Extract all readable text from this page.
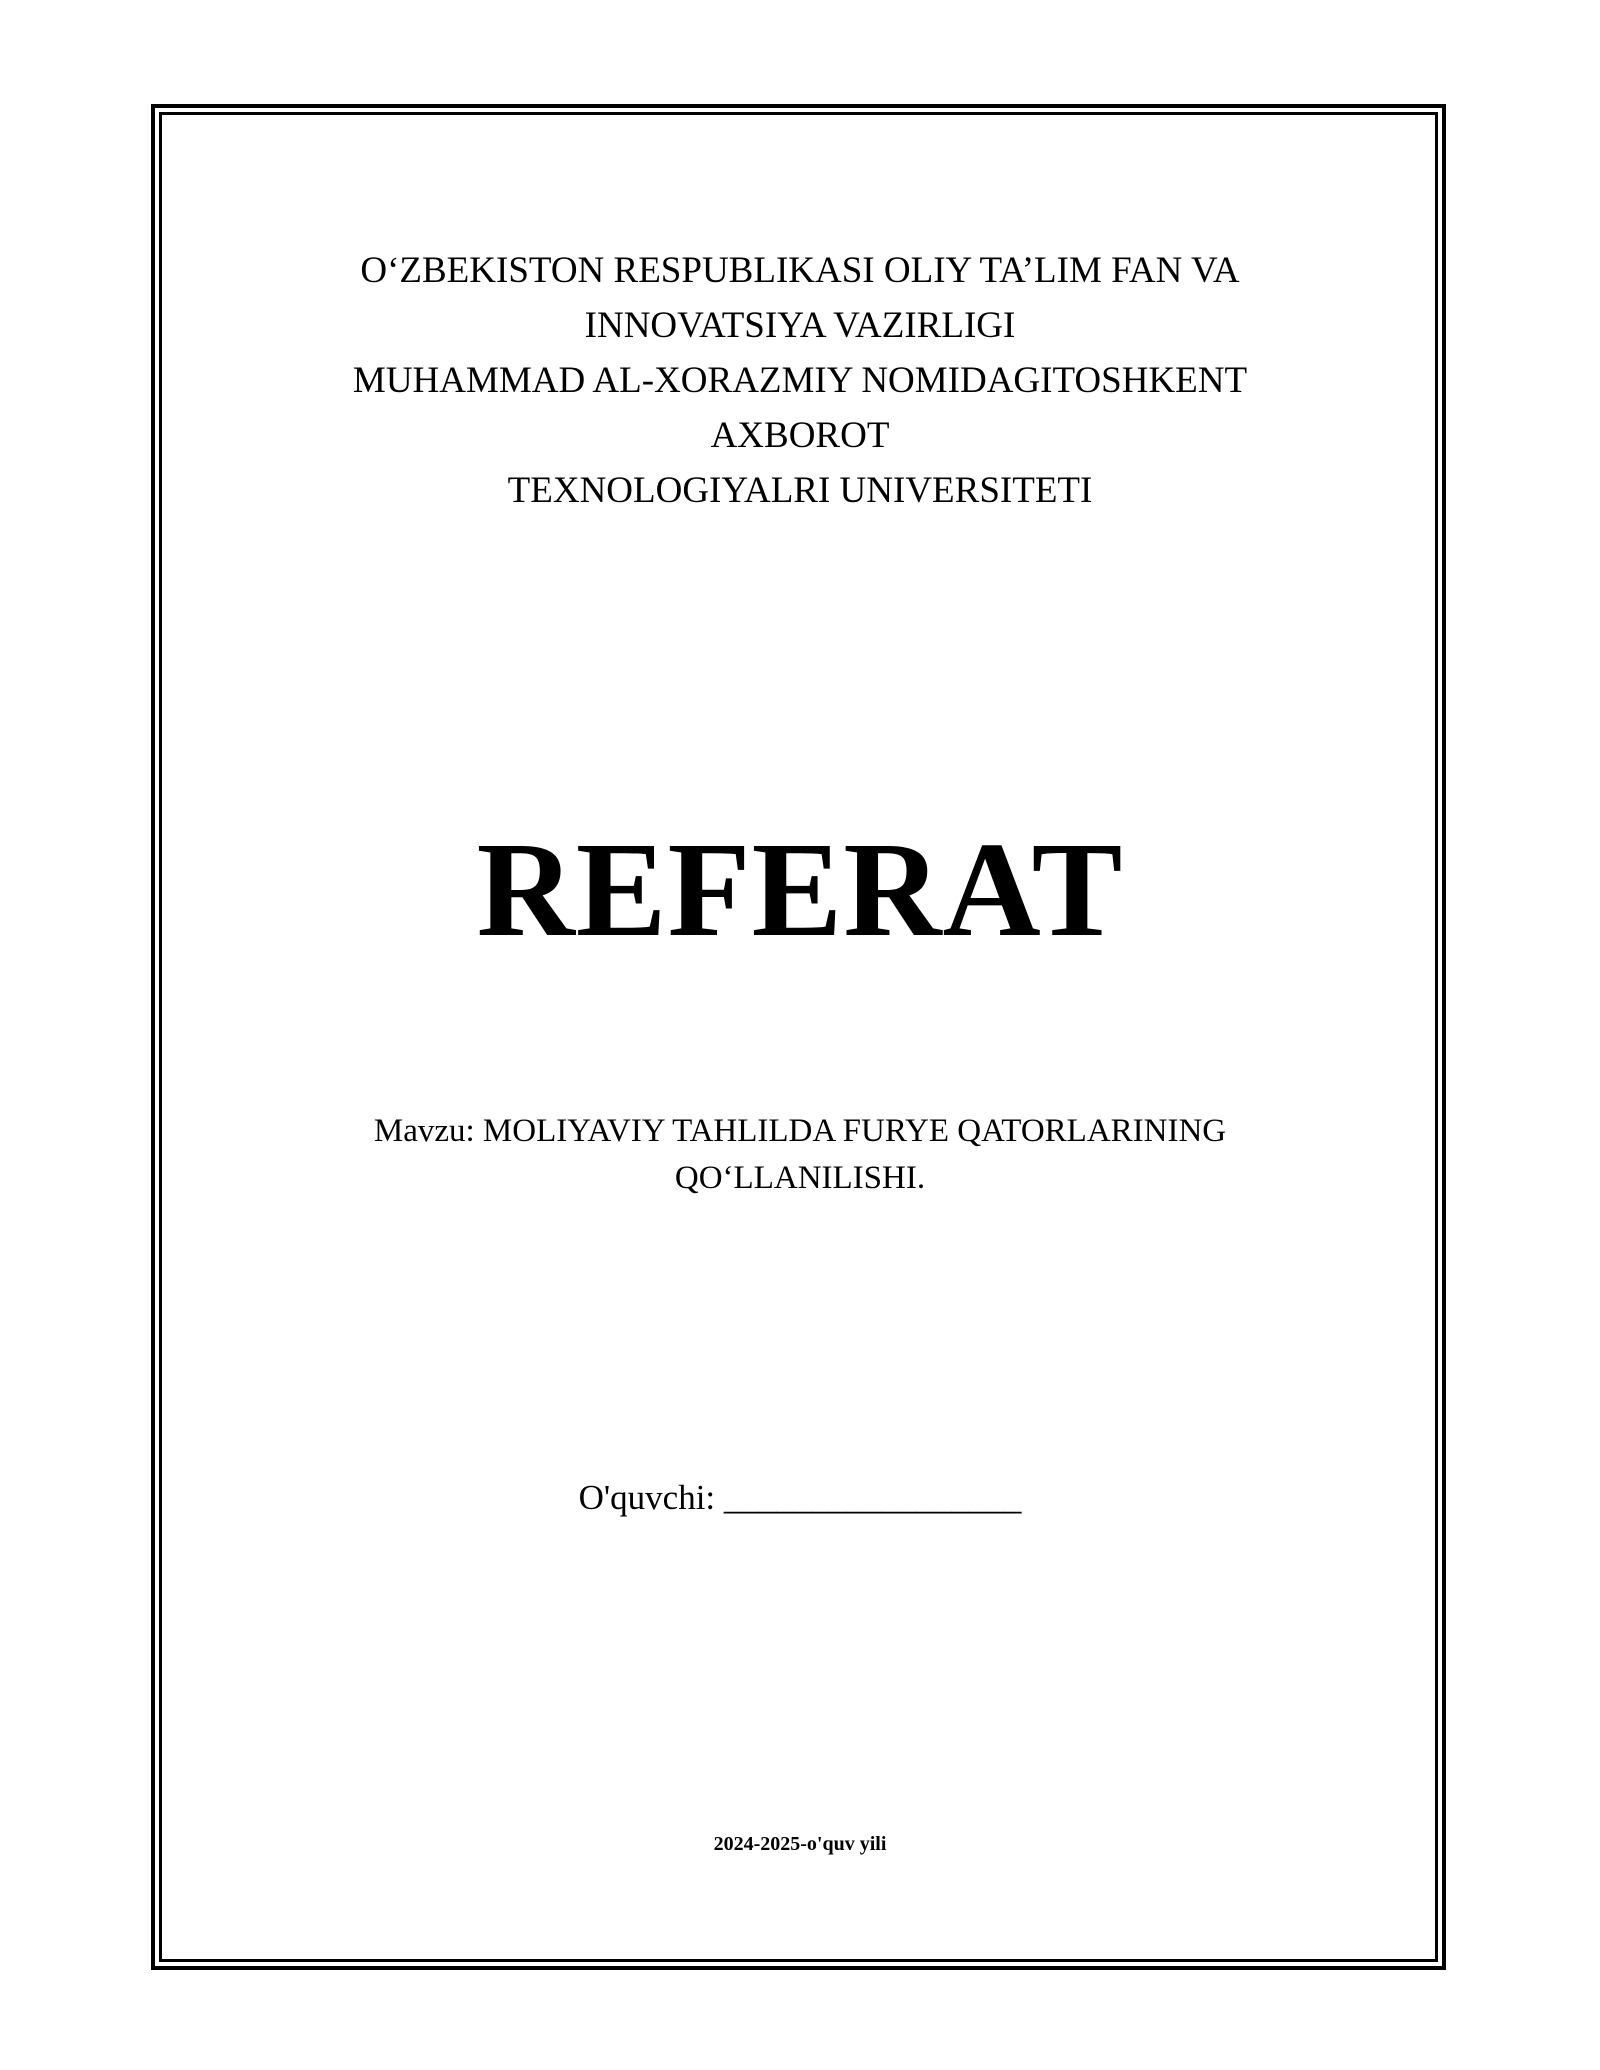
O‘ZBEKISTON RESPUBLIKASI OLIY TA’LIM FAN VA
INNOVATSIYA VAZIRLIGI
MUHAMMAD AL-XORAZMIY NOMIDAGITOSHKENT
AXBOROT
TEXNOLOGIYALRI UNIVERSITETI
REFERAT
Mavzu: MOLIYAVIY TAHLILDA FURYE QATORLARINING
QO‘LLANILISHI.
O'quvchi: _________________
2024-2025-o'quv yili
